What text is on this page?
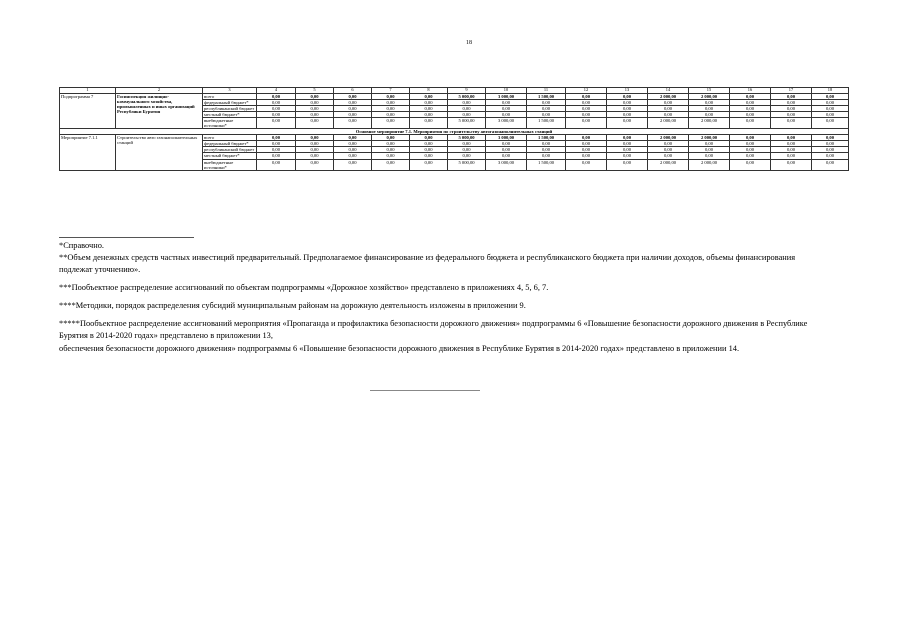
18
1	2	3	4	5	6	7	8	9	10	11	12	13	14	15	16	17	18
Подпрограмма 7	Госинспекция жилищно-коммунального хозяйства, промышленных и иных организаций Республики Бурятия	всего	0,00	0,00	0,00	0,00	0,00	5 000,00	3 000,00	1 500,00	0,00	0,00	2 000,00	2 000,00	0,00	0,00	0,00
		федеральный бюджет*	0,00	0,00	0,00	0,00	0,00	0,00	0,00	0,00	0,00	0,00	0,00	0,00	0,00	0,00	0,00
		республиканский бюджет	0,00	0,00	0,00	0,00	0,00	0,00	0,00	0,00	0,00	0,00	0,00	0,00	0,00	0,00	0,00
		местный бюджет*	0,00	0,00	0,00	0,00	0,00	0,00	0,00	0,00	0,00	0,00	0,00	0,00	0,00	0,00	0,00
		внебюджетные источники*	0,00	0,00	0,00	0,00	0,00	5 000,00	3 000,00	1 500,00	0,00	0,00	2 000,00	2 000,00	0,00	0,00	0,00
Основное мероприятие 7.1. Мероприятия по строительству автогазонаполнительных станций																	
Мероприятие 7.1.1	Строительство авто газонаполнительных станций	всего	0,00	0,00	0,00	0,00	0,00	5 000,00	3 000,00	1 500,00	0,00	0,00	2 000,00	2 000,00	0,00	0,00	0,00
		федеральный бюджет*	0,00	0,00	0,00	0,00	0,00	0,00	0,00	0,00	0,00	0,00	0,00	0,00	0,00	0,00	0,00
		республиканский бюджет	0,00	0,00	0,00	0,00	0,00	0,00	0,00	0,00	0,00	0,00	0,00	0,00	0,00	0,00	0,00
		местный бюджет*	0,00	0,00	0,00	0,00	0,00	0,00	0,00	0,00	0,00	0,00	0,00	0,00	0,00	0,00	0,00
		внебюджетные источники*	0,00	0,00	0,00	0,00	0,00	5 000,00	3 000,00	1 500,00	0,00	0,00	2 000,00	2 000,00	0,00	0,00	0,00
*Справочно.
**Объем денежных средств частных инвестиций предварительный. Предполагаемое финансирование из федерального бюджета и республиканского бюджета при наличии доходов, объемы финансирования подлежат уточнению».
***Пообъектное распределение ассигнований по объектам подпрограммы «Дорожное хозяйство» представлено в приложениях 4, 5, 6, 7.
****Методики, порядок распределения субсидий муниципальным районам на дорожную деятельность изложены в приложении 9.
*****Пообъектное распределение ассигнований мероприятия «Пропаганда и профилактика безопасности дорожного движения» подпрограммы 6 «Повышение безопасности дорожного движения в Республике Бурятия в 2014-2020 годах» представлено в приложении 13,
обеспечения безопасности дорожного движения» подпрограммы 6 «Повышение безопасности дорожного движения в Республике Бурятия в 2014-2020 годах» представлено в приложении 14.
